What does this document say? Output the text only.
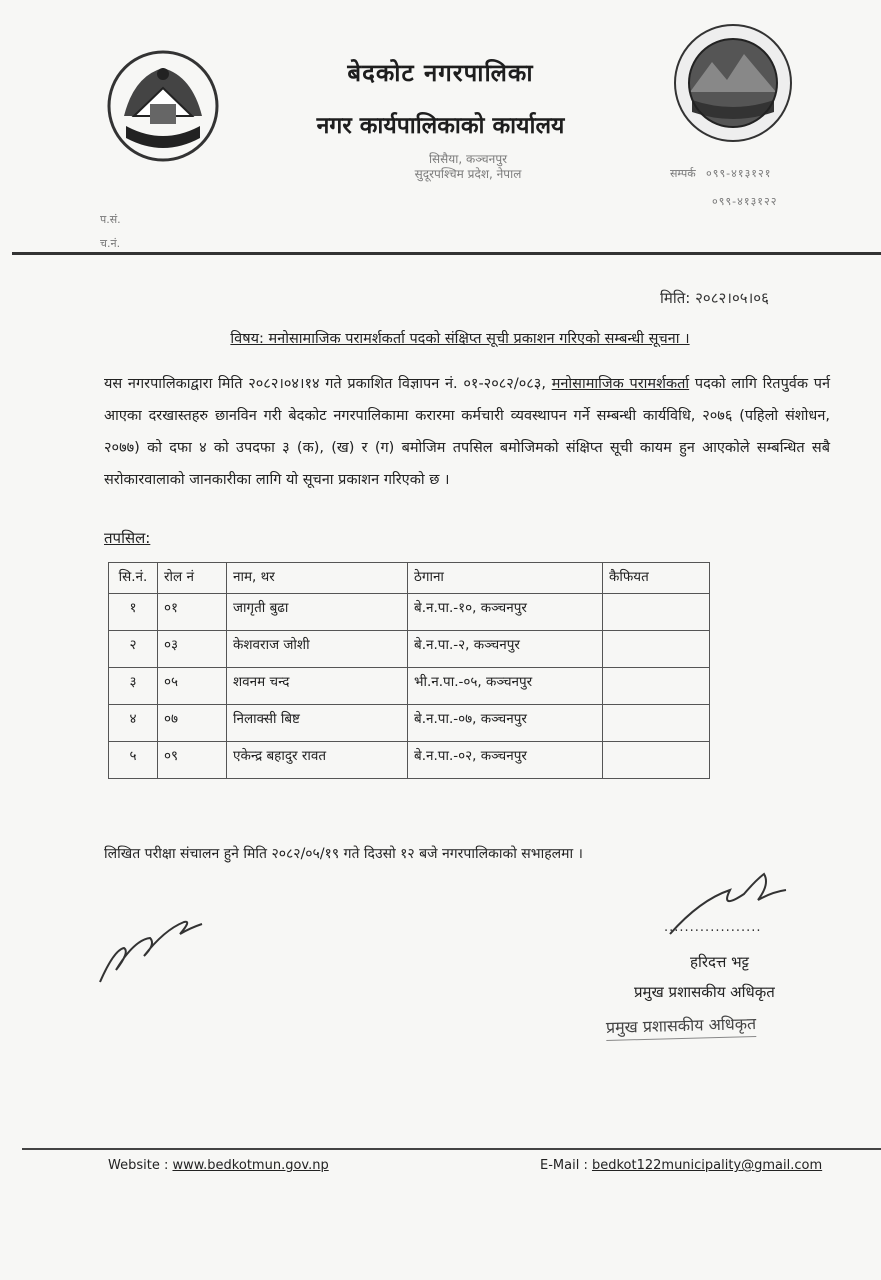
बेदकोट नगरपालिका
नगर कार्यपालिकाको कार्यालय
सिसैया, कञ्चनपुर
सुदूरपश्चिम प्रदेश, नेपाल	सम्पर्क ०९९-४१३१२१
०९९-४१३१२२
प.सं.
च.नं.
मिति: २०८२।०५।०६
विषय: मनोसामाजिक परामर्शकर्ता पदको संक्षिप्त सूची प्रकाशन गरिएको सम्बन्धी सूचना ।
यस नगरपालिकाद्वारा मिति २०८२।०४।१४ गते प्रकाशित विज्ञापन नं. ०१-२०८२/०८३, मनोसामाजिक परामर्शकर्ता पदको लागि रितपुर्वक पर्न आएका दरखास्तहरु छानविन गरी बेदकोट नगरपालिकामा करारमा कर्मचारी व्यवस्थापन गर्ने सम्बन्धी कार्यविधि, २०७६ (पहिलो संशोधन, २०७७) को दफा ४ को उपदफा ३ (क), (ख) र (ग) बमोजिम तपसिल बमोजिमको संक्षिप्त सूची कायम हुन आएकोले सम्बन्धित सबै सरोकारवालाको जानकारीका लागि यो सूचना प्रकाशन गरिएको छ ।
तपसिल:
सि.नं.	रोल नं	नाम, थर	ठेगाना	कैफियत
१	०१	जागृती बुढा	बे.न.पा.-१०, कञ्चनपुर	
२	०३	केशवराज जोशी	बे.न.पा.-२, कञ्चनपुर	
३	०५	शवनम चन्द	भी.न.पा.-०५, कञ्चनपुर	
४	०७	निलाक्सी बिष्ट	बे.न.पा.-०७, कञ्चनपुर	
५	०९	एकेन्द्र बहादुर रावत	बे.न.पा.-०२, कञ्चनपुर	
लिखित परीक्षा संचालन हुने मिति २०८२/०५/१९ गते दिउसो १२ बजे नगरपालिकाको सभाहलमा ।
...................
हरिदत्त भट्ट
प्रमुख प्रशासकीय अधिकृत
प्रमुख प्रशासकीय अधिकृत
Website : www.bedkotmun.gov.np	E-Mail : bedkot122municipality@gmail.com
